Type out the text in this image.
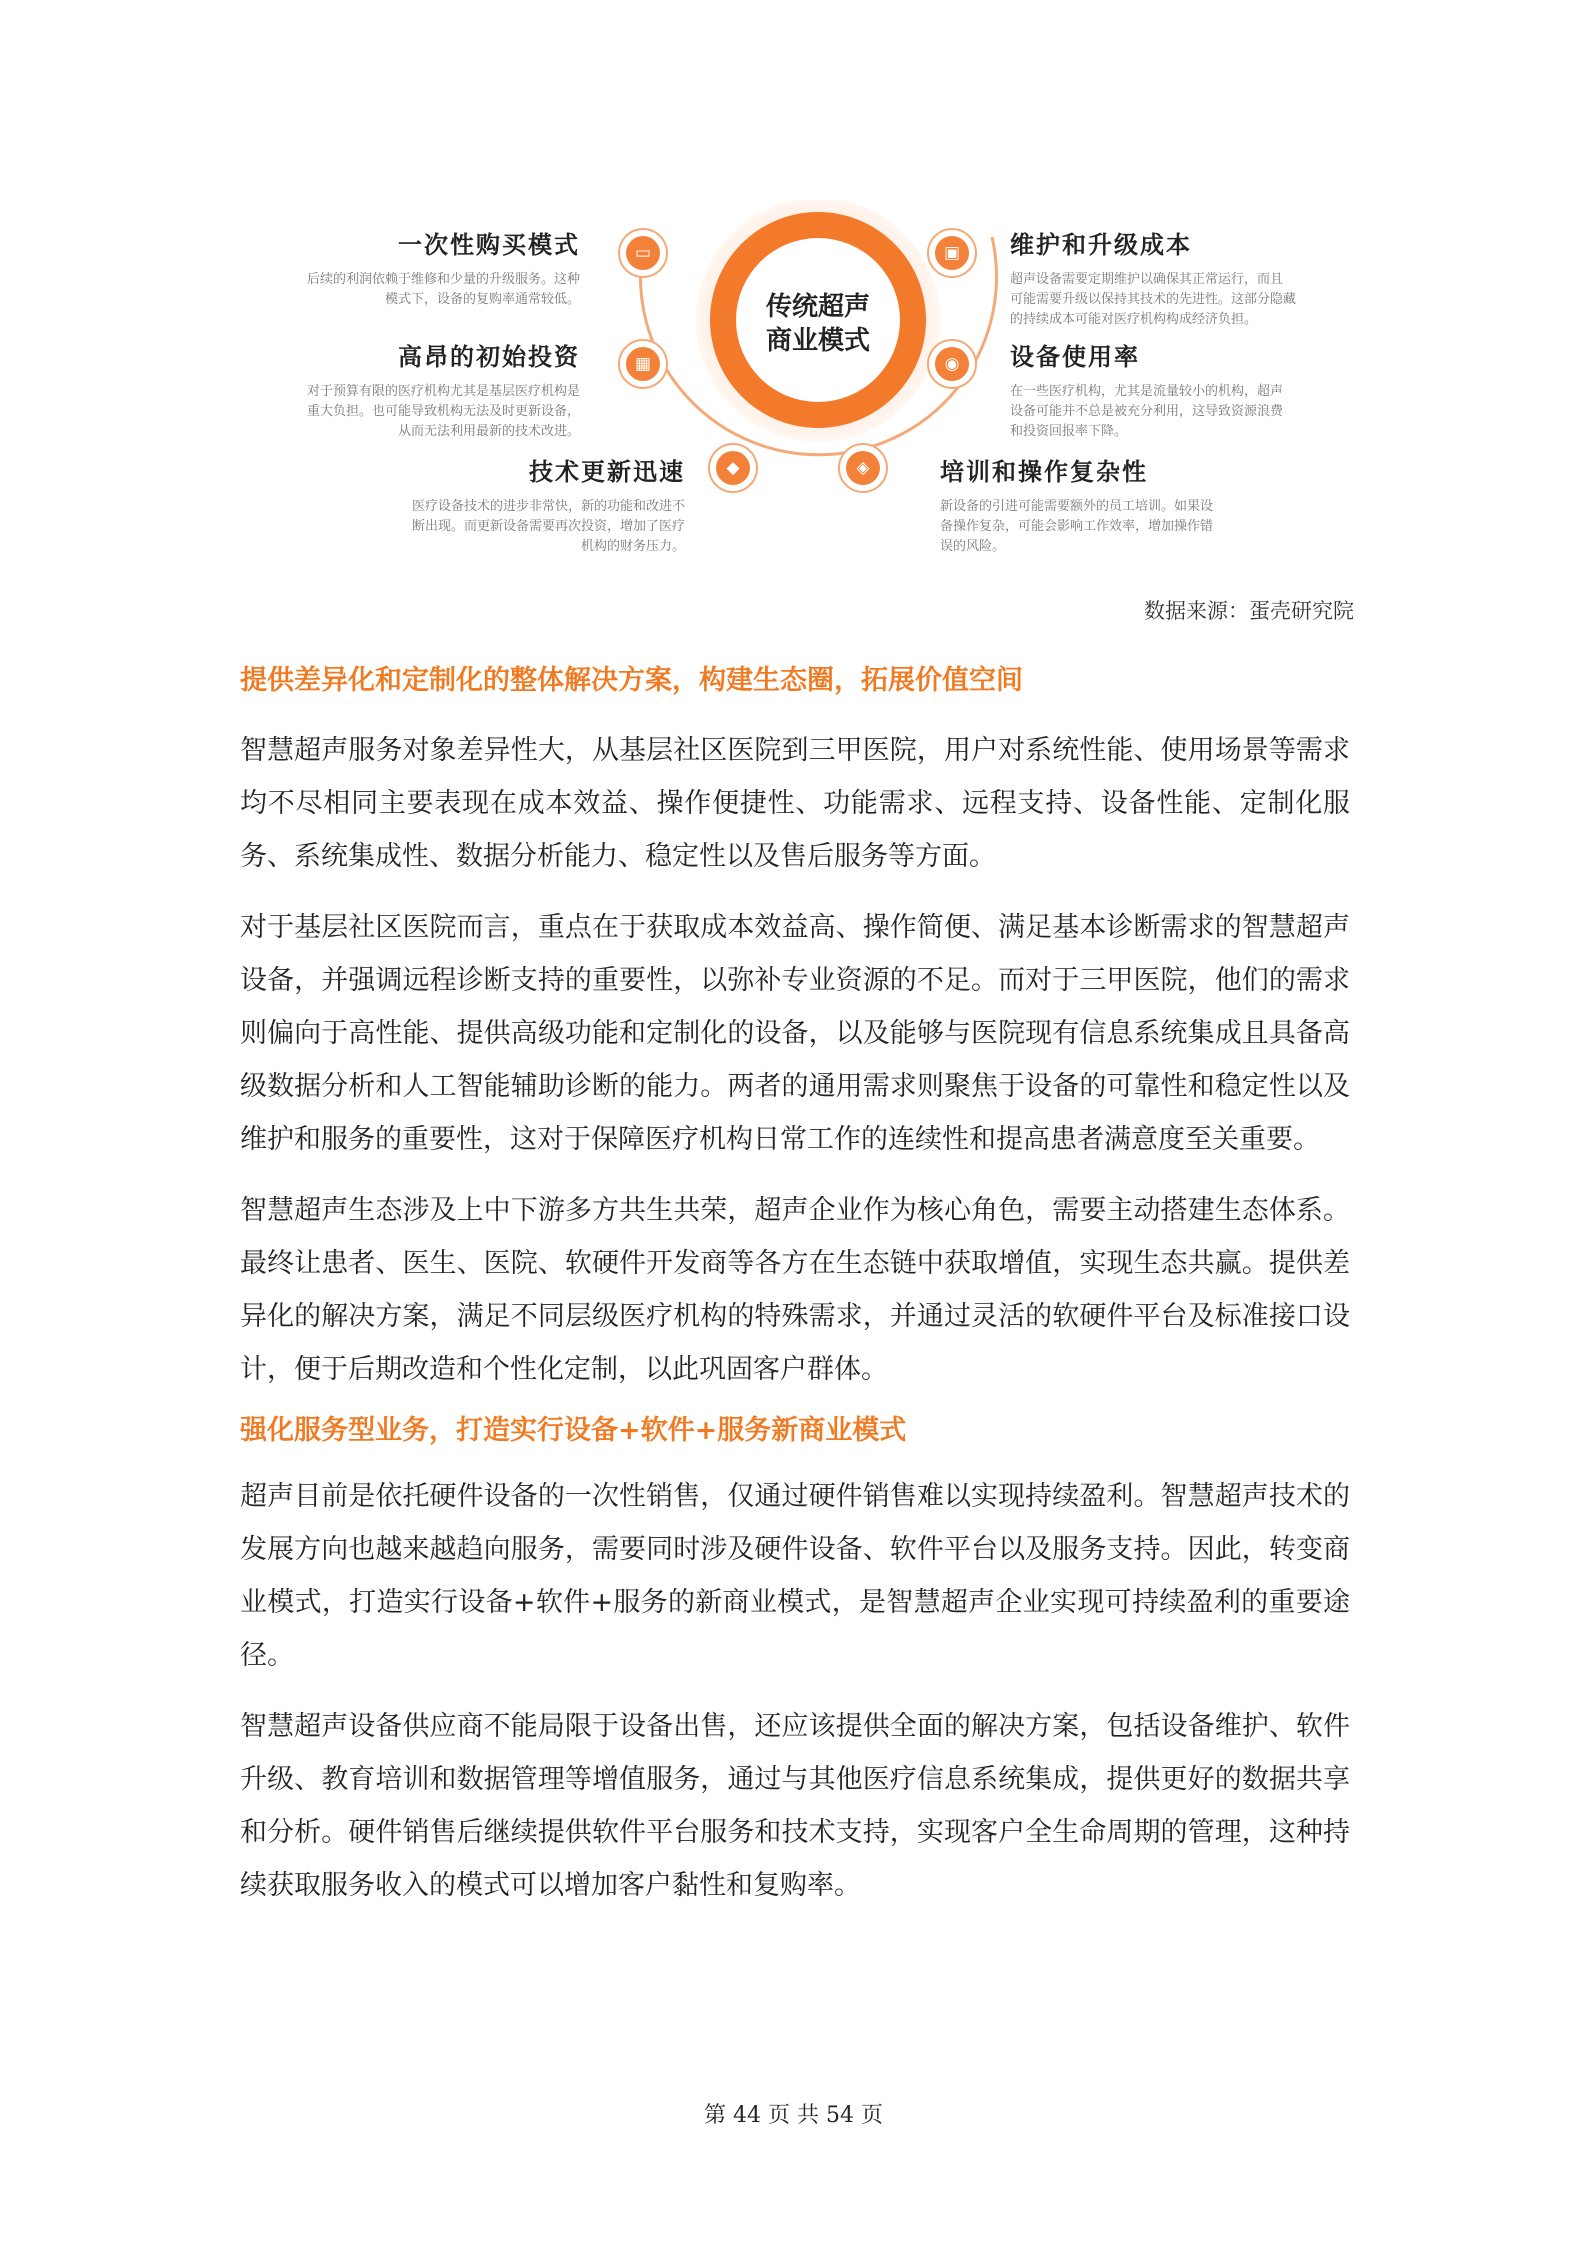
传统超声
商业模式
▭
▦
◆
▣
◉
◈
一次性购买模式

后续的利润依赖于维修和少量的升级服务。这种

模式下，设备的复购率通常较低。

高昂的初始投资

对于预算有限的医疗机构尤其是基层医疗机构是

重大负担。也可能导致机构无法及时更新设备，

从而无法利用最新的技术改进。

技术更新迅速

医疗设备技术的进步非常快，新的功能和改进不

断出现。而更新设备需要再次投资，增加了医疗

机构的财务压力。

维护和升级成本

超声设备需要定期维护以确保其正常运行，而且

可能需要升级以保持其技术的先进性。这部分隐藏

的持续成本可能对医疗机构构成经济负担。

设备使用率

在一些医疗机构，尤其是流量较小的机构，超声

设备可能并不总是被充分利用，这导致资源浪费

和投资回报率下降。

培训和操作复杂性

新设备的引进可能需要额外的员工培训。如果设

备操作复杂，可能会影响工作效率，增加操作错

误的风险。

数据来源：蛋壳研究院
提供差异化和定制化的整体解决方案，构建生态圈，拓展价值空间

智慧超声服务对象差异性大，从基层社区医院到三甲医院，用户对系统性能、使用场景等需求均不尽相同主要表现在成本效益、操作便捷性、功能需求、远程支持、设备性能、定制化服务、系统集成性、数据分析能力、稳定性以及售后服务等方面。

对于基层社区医院而言，重点在于获取成本效益高、操作简便、满足基本诊断需求的智慧超声设备，并强调远程诊断支持的重要性，以弥补专业资源的不足。而对于三甲医院，他们的需求则偏向于高性能、提供高级功能和定制化的设备，以及能够与医院现有信息系统集成且具备高级数据分析和人工智能辅助诊断的能力。两者的通用需求则聚焦于设备的可靠性和稳定性以及维护和服务的重要性，这对于保障医疗机构日常工作的连续性和提高患者满意度至关重要。

智慧超声生态涉及上中下游多方共生共荣，超声企业作为核心角色，需要主动搭建生态体系。最终让患者、医生、医院、软硬件开发商等各方在生态链中获取增值，实现生态共赢。提供差异化的解决方案，满足不同层级医疗机构的特殊需求，并通过灵活的软硬件平台及标准接口设计，便于后期改造和个性化定制，以此巩固客户群体。

强化服务型业务，打造实行设备+软件+服务新商业模式

超声目前是依托硬件设备的一次性销售，仅通过硬件销售难以实现持续盈利。智慧超声技术的发展方向也越来越趋向服务，需要同时涉及硬件设备、软件平台以及服务支持。因此，转变商业模式，打造实行设备+软件+服务的新商业模式，是智慧超声企业实现可持续盈利的重要途径。

智慧超声设备供应商不能局限于设备出售，还应该提供全面的解决方案，包括设备维护、软件升级、教育培训和数据管理等增值服务，通过与其他医疗信息系统集成，提供更好的数据共享和分析。硬件销售后继续提供软件平台服务和技术支持，实现客户全生命周期的管理，这种持续获取服务收入的模式可以增加客户黏性和复购率。

第 44 页 共 54 页
